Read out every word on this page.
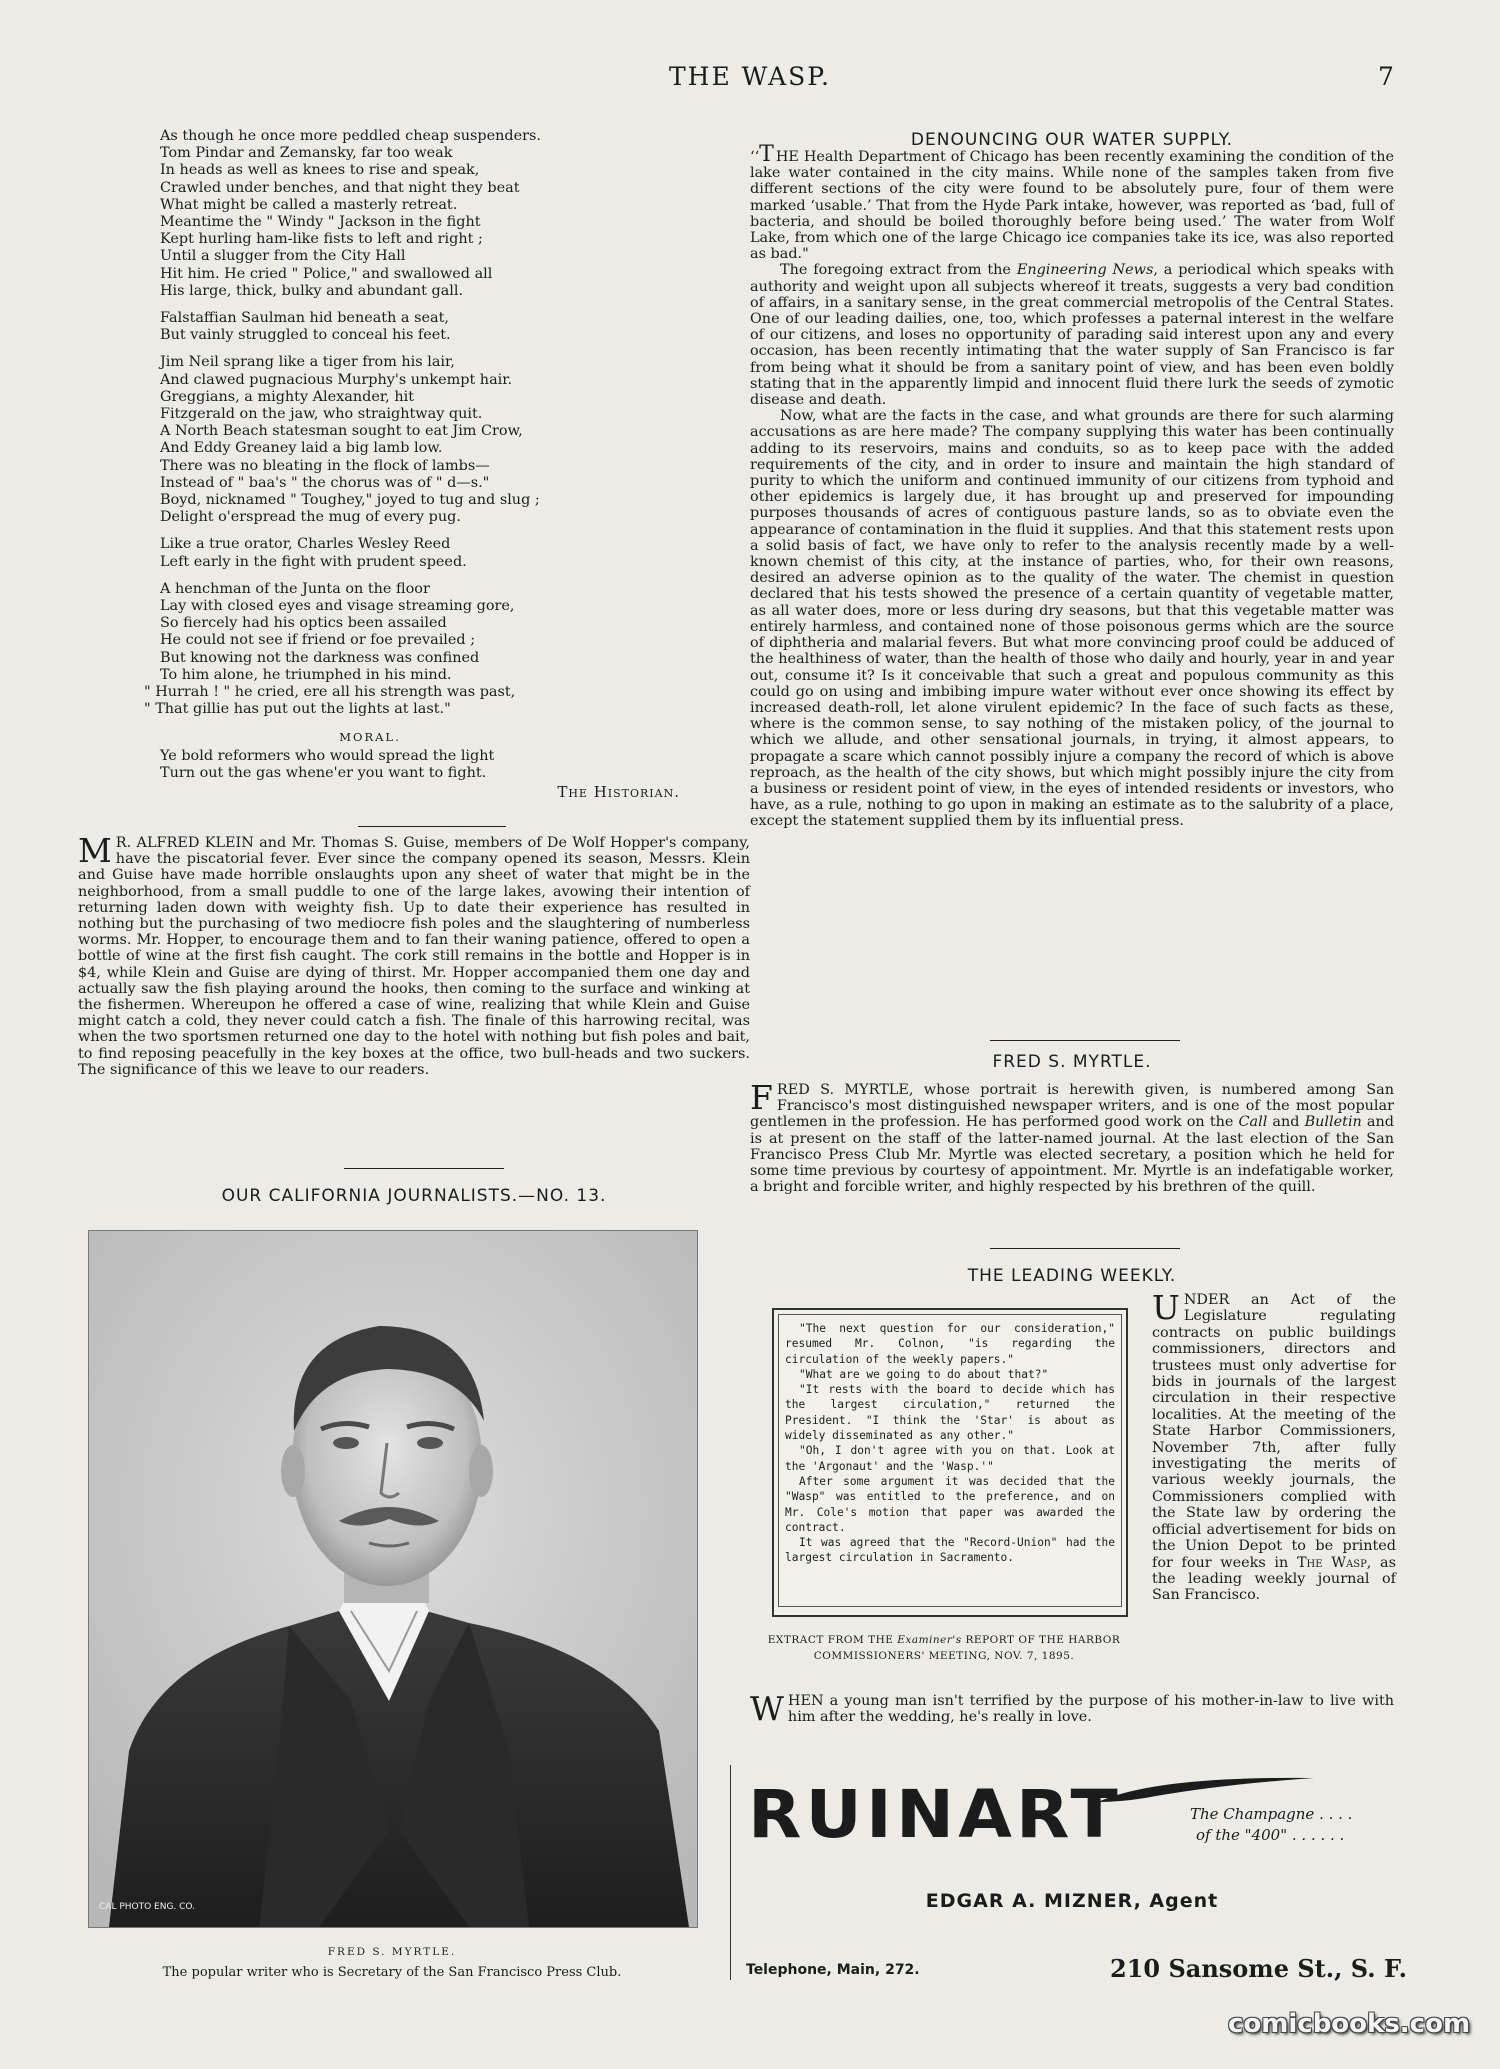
THE WASP.	7
As though he once more peddled cheap suspenders.
Tom Pindar and Zemansky, far too weak
In heads as well as knees to rise and speak,
Crawled under benches, and that night they beat
What might be called a masterly retreat.
Meantime the " Windy " Jackson in the fight
Kept hurling ham-like fists to left and right ;
Until a slugger from the City Hall
Hit him. He cried " Police," and swallowed all
His large, thick, bulky and abundant gall.
Falstaffian Saulman hid beneath a seat,
But vainly struggled to conceal his feet.
Jim Neil sprang like a tiger from his lair,
And clawed pugnacious Murphy's unkempt hair.
Greggians, a mighty Alexander, hit
Fitzgerald on the jaw, who straightway quit.
A North Beach statesman sought to eat Jim Crow,
And Eddy Greaney laid a big lamb low.
There was no bleating in the flock of lambs—
Instead of " baa's " the chorus was of " d—s."
Boyd, nicknamed " Toughey," joyed to tug and slug ;
Delight o'erspread the mug of every pug.
Like a true orator, Charles Wesley Reed
Left early in the fight with prudent speed.
A henchman of the Junta on the floor
Lay with closed eyes and visage streaming gore,
So fiercely had his optics been assailed
He could not see if friend or foe prevailed ;
But knowing not the darkness was confined
To him alone, he triumphed in his mind.
" Hurrah ! " he cried, ere all his strength was past,
" That gillie has put out the lights at last."
MORAL.
Ye bold reformers who would spread the light
Turn out the gas whene'er you want to fight.
The Historian.
M R. ALFRED KLEIN and Mr. Thomas S. Guise, members of De Wolf Hopper's company, have the piscatorial fever. Ever since the company opened its season, Messrs. Klein and Guise have made horrible onslaughts upon any sheet of water that might be in the neighborhood, from a small puddle to one of the large lakes, avowing their intention of returning laden down with weighty fish. Up to date their experience has resulted in nothing but the purchasing of two mediocre fish poles and the slaughtering of numberless worms. Mr. Hopper, to encourage them and to fan their waning patience, offered to open a bottle of wine at the first fish caught. The cork still remains in the bottle and Hopper is in $4, while Klein and Guise are dying of thirst. Mr. Hopper accompanied them one day and actually saw the fish playing around the hooks, then coming to the surface and winking at the fishermen. Whereupon he offered a case of wine, realizing that while Klein and Guise might catch a cold, they never could catch a fish. The finale of this harrowing recital, was when the two sportsmen returned one day to the hotel with nothing but fish poles and bait, to find reposing peacefully in the key boxes at the office, two bull-heads and two suckers. The significance of this we leave to our readers.
OUR CALIFORNIA JOURNALISTS.—NO. 13.
CAL PHOTO ENG. CO.
FRED S. MYRTLE.
The popular writer who is Secretary of the San Francisco Press Club.
DENOUNCING OUR WATER SUPPLY.

‘‘T HE Health Department of Chicago has been recently examining the condition of the lake water contained in the city mains. While none of the samples taken from five different sections of the city were found to be absolutely pure, four of them were marked ‘usable.’ That from the Hyde Park intake, however, was reported as ‘bad, full of bacteria, and should be boiled thoroughly before being used.’ The water from Wolf Lake, from which one of the large Chicago ice companies take its ice, was also reported as bad."

The foregoing extract from the Engineering News, a periodical which speaks with authority and weight upon all subjects whereof it treats, suggests a very bad condition of affairs, in a sanitary sense, in the great commercial metropolis of the Central States. One of our leading dailies, one, too, which professes a paternal interest in the welfare of our citizens, and loses no opportunity of parading said interest upon any and every occasion, has been recently intimating that the water supply of San Francisco is far from being what it should be from a sanitary point of view, and has been even boldly stating that in the apparently limpid and innocent fluid there lurk the seeds of zymotic disease and death.

Now, what are the facts in the case, and what grounds are there for such alarming accusations as are here made? The company supplying this water has been continually adding to its reservoirs, mains and conduits, so as to keep pace with the added requirements of the city, and in order to insure and maintain the high standard of purity to which the uniform and continued immunity of our citizens from typhoid and other epidemics is largely due, it has brought up and preserved for impounding purposes thousands of acres of contiguous pasture lands, so as to obviate even the appearance of contamination in the fluid it supplies. And that this statement rests upon a solid basis of fact, we have only to refer to the analysis recently made by a well-known chemist of this city, at the instance of parties, who, for their own reasons, desired an adverse opinion as to the quality of the water. The chemist in question declared that his tests showed the presence of a certain quantity of vegetable matter, as all water does, more or less during dry seasons, but that this vegetable matter was entirely harmless, and contained none of those poisonous germs which are the source of diphtheria and malarial fevers. But what more convincing proof could be adduced of the healthiness of water, than the health of those who daily and hourly, year in and year out, consume it? Is it conceivable that such a great and populous community as this could go on using and imbibing impure water without ever once showing its effect by increased death-roll, let alone virulent epidemic? In the face of such facts as these, where is the common sense, to say nothing of the mistaken policy, of the journal to which we allude, and other sensational journals, in trying, it almost appears, to propagate a scare which cannot possibly injure a company the record of which is above reproach, as the health of the city shows, but which might possibly injure the city from a business or resident point of view, in the eyes of intended residents or investors, who have, as a rule, nothing to go upon in making an estimate as to the salubrity of a place, except the statement supplied them by its influential press.

FRED S. MYRTLE.
FRED S. MYRTLE, whose portrait is herewith given, is numbered among San Francisco's most distinguished newspaper writers, and is one of the most popular gentlemen in the profession. He has performed good work on the Call and Bulletin and is at present on the staff of the latter-named journal. At the last election of the San Francisco Press Club Mr. Myrtle was elected secretary, a position which he held for some time previous by courtesy of appointment. Mr. Myrtle is an indefatigable worker, a bright and forcible writer, and highly respected by his brethren of the quill.
THE LEADING WEEKLY.

"The next question for our consideration," resumed Mr. Colnon, "is regarding the circulation of the weekly papers."

"What are we going to do about that?"

"It rests with the board to decide which has the largest circulation," returned the President. "I think the 'Star' is about as widely disseminated as any other."

"Oh, I don't agree with you on that. Look at the 'Argonaut' and the 'Wasp.'"

After some argument it was decided that the "Wasp" was entitled to the preference, and on Mr. Cole's motion that paper was awarded the contract.

It was agreed that the "Record-Union" had the largest circulation in Sacramento.

EXTRACT FROM THE Examiner's REPORT OF THE HARBOR COMMISSIONERS' MEETING, NOV. 7, 1895.
UNDER an Act of the Legislature regulating contracts on public buildings commissioners, directors and trustees must only advertise for bids in journals of the largest circulation in their respective localities. At the meeting of the State Harbor Commissioners, November 7th, after fully investigating the merits of various weekly journals, the Commissioners complied with the State law by ordering the official advertisement for bids on the Union Depot to be printed for four weeks in The Wasp, as the leading weekly journal of San Francisco.
WHEN a young man isn't terrified by the purpose of his mother-in-law to live with him after the wedding, he's really in love.
RUINART	The Champagne . . . .
of the "400" . . . . . .
EDGAR A. MIZNER, Agent
Telephone, Main, 272.	210 Sansome St., S. F.
comicbooks.com
